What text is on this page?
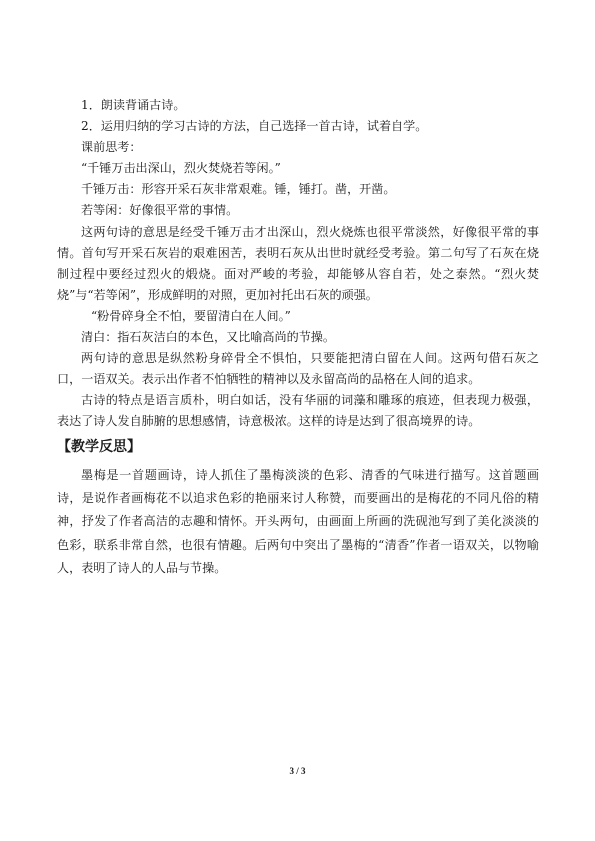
1．朗读背诵古诗。

2．运用归纳的学习古诗的方法，自己选择一首古诗，试着自学。

课前思考：

“千锤万击出深山，烈火焚烧若等闲。”

千锤万击：形容开采石灰非常艰难。锤，锤打。凿，开凿。

若等闲：好像很平常的事情。

这两句诗的意思是经受千锤万击才出深山，烈火烧炼也很平常淡然，好像很平常的事情。首句写开采石灰岩的艰难困苦，表明石灰从出世时就经受考验。第二句写了石灰在烧制过程中要经过烈火的煅烧。面对严峻的考验，却能够从容自若，处之泰然。“烈火焚烧”与“若等闲”，形成鲜明的对照，更加衬托出石灰的顽强。

“粉骨碎身全不怕，要留清白在人间。”

清白：指石灰洁白的本色，又比喻高尚的节操。

两句诗的意思是纵然粉身碎骨全不惧怕，只要能把清白留在人间。这两句借石灰之口，一语双关。表示出作者不怕牺牲的精神以及永留高尚的品格在人间的追求。

古诗的特点是语言质朴，明白如话，没有华丽的词藻和雕琢的痕迹，但表现力极强，表达了诗人发自肺腑的思想感情，诗意极浓。这样的诗是达到了很高境界的诗。

【教学反思】

墨梅是一首题画诗，诗人抓住了墨梅淡淡的色彩、清香的气味进行描写。这首题画诗，是说作者画梅花不以追求色彩的艳丽来讨人称赞，而要画出的是梅花的不同凡俗的精神，抒发了作者高洁的志趣和情怀。开头两句，由画面上所画的洗砚池写到了美化淡淡的色彩，联系非常自然，也很有情趣。后两句中突出了墨梅的“清香”作者一语双关，以物喻人，表明了诗人的人品与节操。

3 / 3
